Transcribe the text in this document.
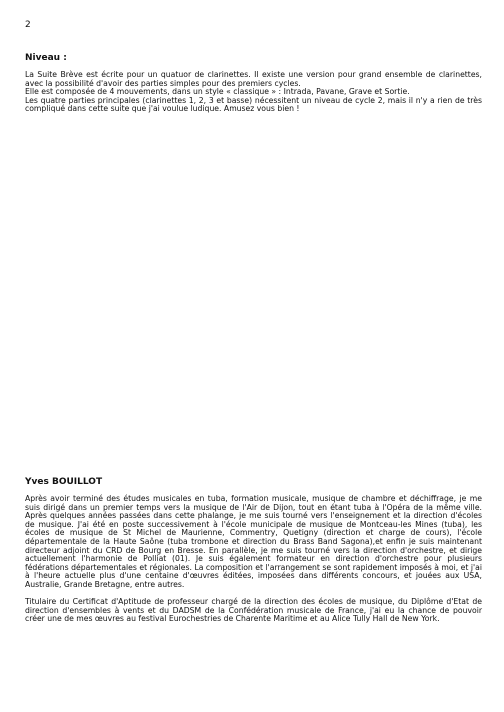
2
Niveau :

La Suite Brève est écrite pour un quatuor de clarinettes. Il existe une version pour grand ensemble de clarinettes, avec la possibilité d'avoir des parties simples pour des premiers cycles.

Elle est composée de 4 mouvements, dans un style « classique » : Intrada, Pavane, Grave et Sortie.

Les quatre parties principales (clarinettes 1, 2, 3 et basse) nécessitent un niveau de cycle 2, mais il n'y a rien de très compliqué dans cette suite que j'ai voulue ludique. Amusez vous bien !

Yves BOUILLOT

Après avoir terminé des études musicales en tuba, formation musicale, musique de chambre et déchiffrage, je me suis dirigé dans un premier temps vers la musique de l'Air de Dijon, tout en étant tuba à l'Opéra de la même ville. Après quelques années passées dans cette phalange, je me suis tourné vers l'enseignement et la direction d'écoles de musique. J'ai été en poste successivement à l'école municipale de musique de Montceau-les Mines (tuba), les écoles de musique de St Michel de Maurienne, Commentry, Quetigny (direction et charge de cours), l'école départementale de la Haute Saône (tuba trombone et direction du Brass Band Sagona),et enfin je suis maintenant directeur adjoint du CRD de Bourg en Bresse. En parallèle, je me suis tourné vers la direction d'orchestre, et dirige actuellement l'harmonie de Polliat (01). Je suis également formateur en direction d'orchestre pour plusieurs fédérations départementales et régionales. La composition et l'arrangement se sont rapidement imposés à moi, et j'ai à l'heure actuelle plus d'une centaine d'œuvres éditées, imposées dans différents concours, et jouées aux USA, Australie, Grande Bretagne, entre autres.

Titulaire du Certificat d'Aptitude de professeur chargé de la direction des écoles de musique, du Diplôme d'Etat de direction d'ensembles à vents et du DADSM de la Confédération musicale de France, j'ai eu la chance de pouvoir créer une de mes œuvres au festival Eurochestries de Charente Maritime et au Alice Tully Hall de New York.
